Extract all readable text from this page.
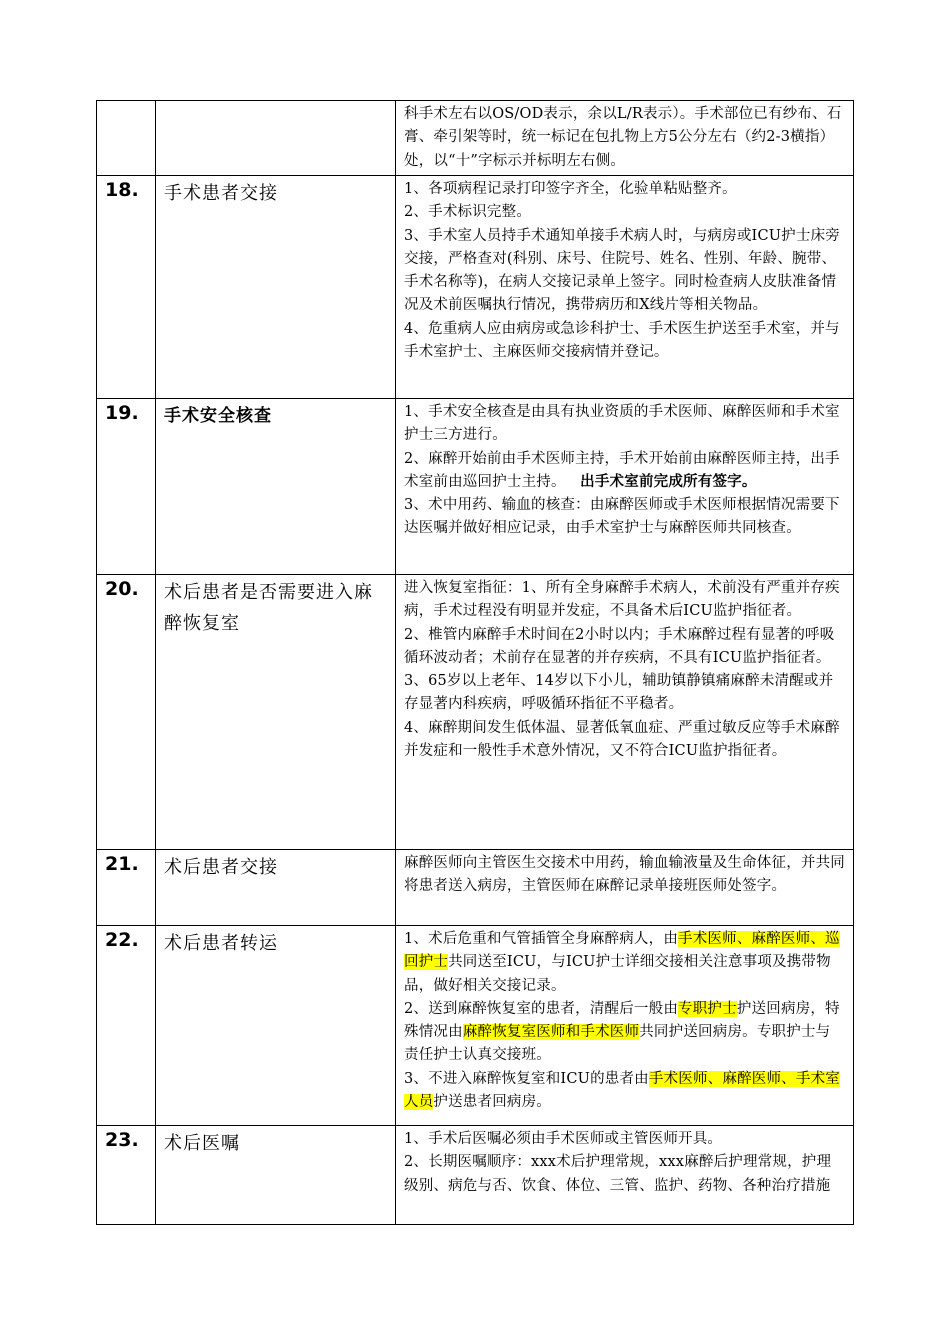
		科手术左右以OS/OD表示，余以L/R表示）。手术部位已有纱布、石膏、牵引架等时，统一标记在包扎物上方5公分左右（约2-3横指）处，以“十”字标示并标明左右侧。

18.	手术患者交接	1、各项病程记录打印签字齐全，化验单粘贴整齐。

2、手术标识完整。

3、手术室人员持手术通知单接手术病人时，与病房或ICU护士床旁交接，严格查对(科别、床号、住院号、姓名、性别、年龄、腕带、手术名称等)，在病人交接记录单上签字。同时检查病人皮肤准备情况及术前医嘱执行情况，携带病历和X线片等相关物品。

4、危重病人应由病房或急诊科护士、手术医生护送至手术室，并与手术室护士、主麻医师交接病情并登记。

19.	手术安全核查	1、手术安全核查是由具有执业资质的手术医师、麻醉医师和手术室护士三方进行。

2、麻醉开始前由手术医师主持，手术开始前由麻醉医师主持，出手术室前由巡回护士主持。 出手术室前完成所有签字。

3、术中用药、输血的核查：由麻醉医师或手术医师根据情况需要下达医嘱并做好相应记录，由手术室护士与麻醉医师共同核查。

20.	术后患者是否需要进入麻醉恢复室	进入恢复室指征：1、所有全身麻醉手术病人，术前没有严重并存疾病，手术过程没有明显并发症，不具备术后ICU监护指征者。

2、椎管内麻醉手术时间在2小时以内；手术麻醉过程有显著的呼吸循环波动者；术前存在显著的并存疾病，不具有ICU监护指征者。

3、65岁以上老年、14岁以下小儿，辅助镇静镇痛麻醉未清醒或并存显著内科疾病，呼吸循环指征不平稳者。

4、麻醉期间发生低体温、显著低氧血症、严重过敏反应等手术麻醉并发症和一般性手术意外情况，又不符合ICU监护指征者。

21.	术后患者交接	麻醉医师向主管医生交接术中用药，输血输液量及生命体征，并共同将患者送入病房，主管医师在麻醉记录单接班医师处签字。

22.	术后患者转运	1、术后危重和气管插管全身麻醉病人，由手术医师、麻醉医师、巡回护士共同送至ICU，与ICU护士详细交接相关注意事项及携带物品，做好相关交接记录。

2、送到麻醉恢复室的患者，清醒后一般由专职护士护送回病房，特殊情况由麻醉恢复室医师和手术医师共同护送回病房。专职护士与责任护士认真交接班。

3、不进入麻醉恢复室和ICU的患者由手术医师、麻醉医师、手术室人员护送患者回病房。

23.	术后医嘱	1、手术后医嘱必须由手术医师或主管医师开具。

2、长期医嘱顺序：xxx术后护理常规，xxx麻醉后护理常规，护理级别、病危与否、饮食、体位、三管、监护、药物、各种治疗措施
